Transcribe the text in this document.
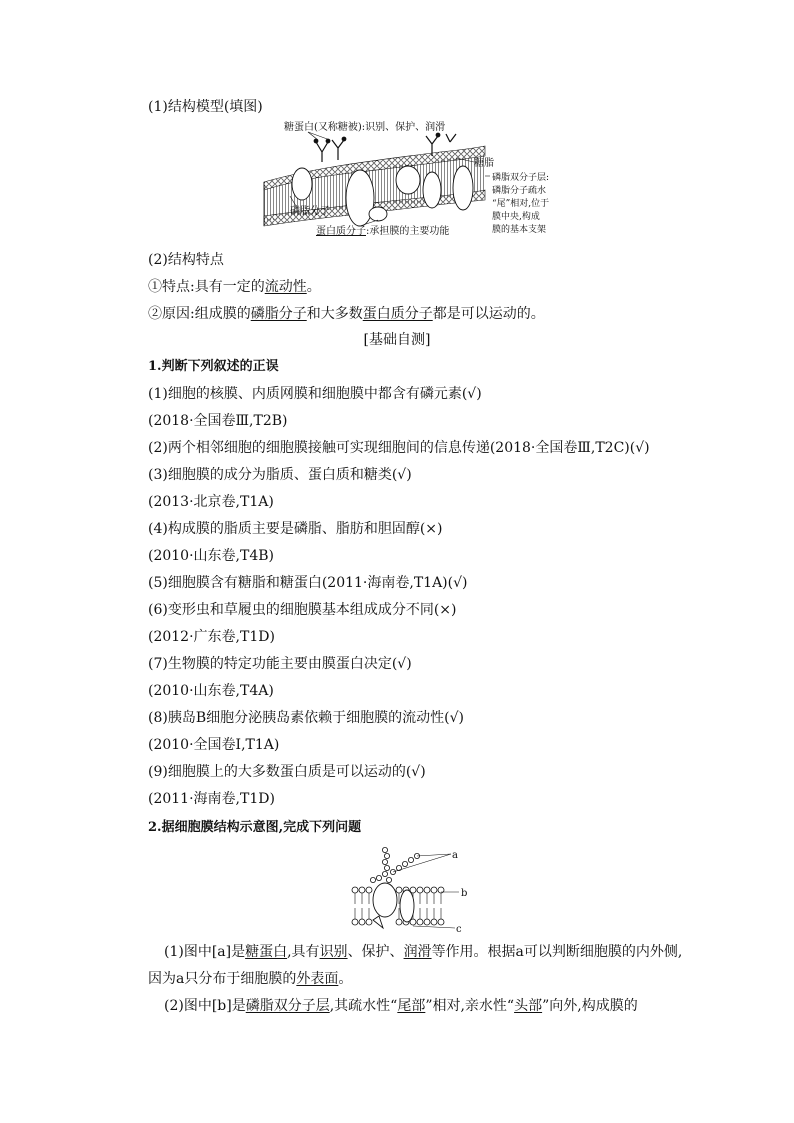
(1)结构模型(填图)
糖蛋白(又称糖被):识别、保护、润滑
糖脂
磷脂分子
磷脂双分子层:
磷脂分子疏水
“尾”相对,位于
膜中央,构成
膜的基本支架
蛋白质分子:承担膜的主要功能
(2)结构特点
①特点:具有一定的流动性。
②原因:组成膜的磷脂分子和大多数蛋白质分子都是可以运动的。
[基础自测]
1.判断下列叙述的正误
(1)细胞的核膜、内质网膜和细胞膜中都含有磷元素(√)
(2018·全国卷Ⅲ,T2B)
(2)两个相邻细胞的细胞膜接触可实现细胞间的信息传递(2018·全国卷Ⅲ,T2C)(√)
(3)细胞膜的成分为脂质、蛋白质和糖类(√)
(2013·北京卷,T1A)
(4)构成膜的脂质主要是磷脂、脂肪和胆固醇(×)
(2010·山东卷,T4B)
(5)细胞膜含有糖脂和糖蛋白(2011·海南卷,T1A)(√)
(6)变形虫和草履虫的细胞膜基本组成成分不同(×)
(2012·广东卷,T1D)
(7)生物膜的特定功能主要由膜蛋白决定(√)
(2010·山东卷,T4A)
(8)胰岛B细胞分泌胰岛素依赖于细胞膜的流动性(√)
(2010·全国卷Ⅰ,T1A)
(9)细胞膜上的大多数蛋白质是可以运动的(√)
(2011·海南卷,T1D)
2.据细胞膜结构示意图,完成下列问题
a
b
c
(1)图中[a]是糖蛋白,具有识别、保护、润滑等作用。根据a可以判断细胞膜的内外侧,
因为a只分布于细胞膜的外表面。
(2)图中[b]是磷脂双分子层,其疏水性“尾部”相对,亲水性“头部”向外,构成膜的
